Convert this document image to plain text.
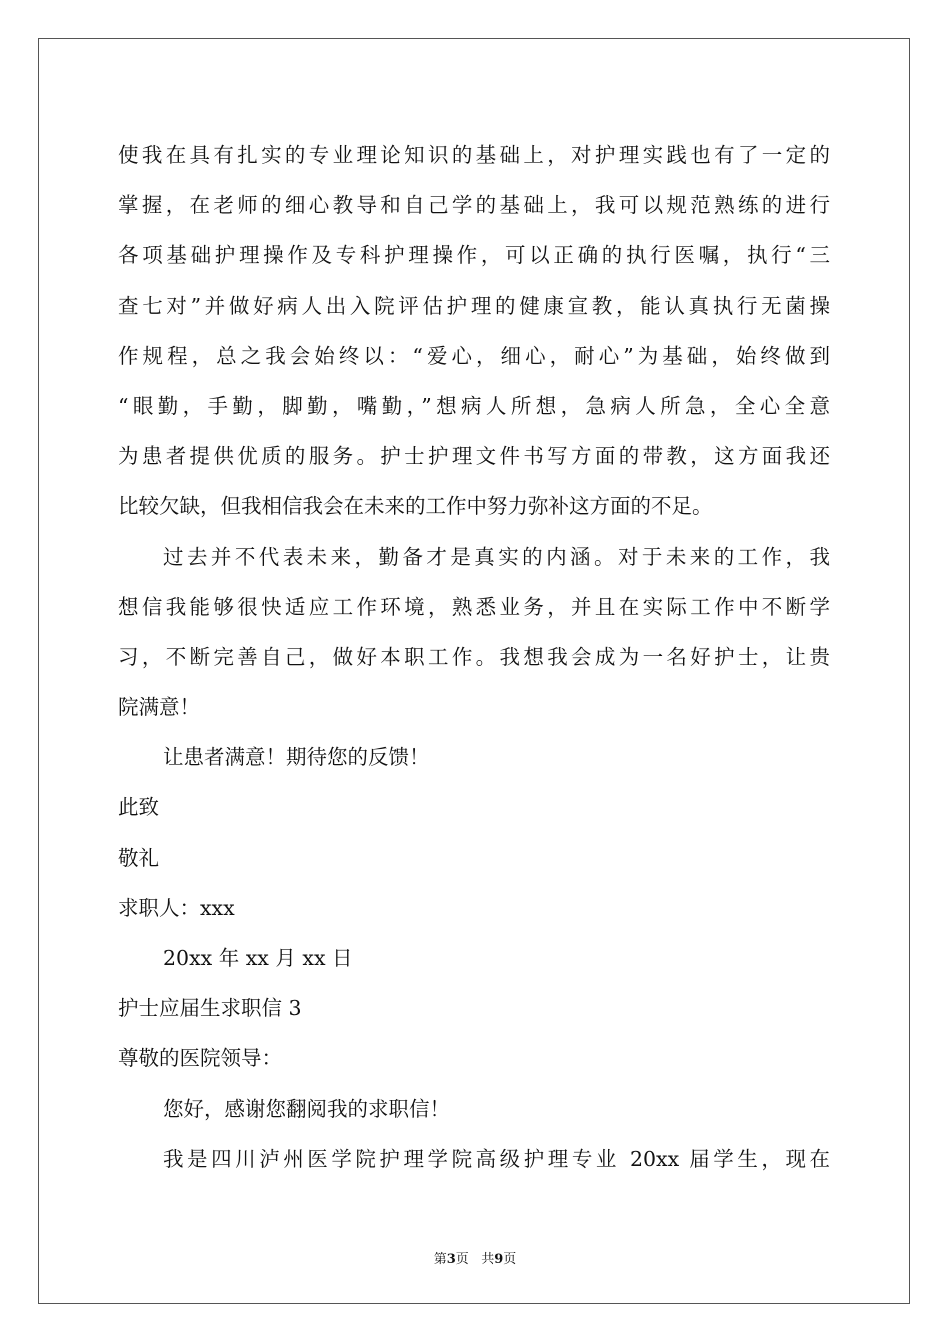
使我在具有扎实的专业理论知识的基础上，对护理实践也有了一定的
掌握，在老师的细心教导和自己学的基础上，我可以规范熟练的进行
各项基础护理操作及专科护理操作，可以正确的执行医嘱，执行“三
查七对”并做好病人出入院评估护理的健康宣教，能认真执行无菌操
作规程，总之我会始终以：“爱心，细心，耐心”为基础，始终做到
“眼勤，手勤，脚勤，嘴勤，”想病人所想，急病人所急，全心全意
为患者提供优质的服务。护士护理文件书写方面的带教，这方面我还
比较欠缺，但我相信我会在未来的工作中努力弥补这方面的不足。
过去并不代表未来，勤备才是真实的内涵。对于未来的工作，我
想信我能够很快适应工作环境，熟悉业务，并且在实际工作中不断学
习，不断完善自己，做好本职工作。我想我会成为一名好护士，让贵
院满意！
让患者满意！期待您的反馈！
此致
敬礼
求职人：xxx
20xx 年 xx 月 xx 日
护士应届生求职信 3
尊敬的医院领导：
您好，感谢您翻阅我的求职信！
我是四川泸州医学院护理学院高级护理专业 20xx 届学生，现在
第3页 共9页
